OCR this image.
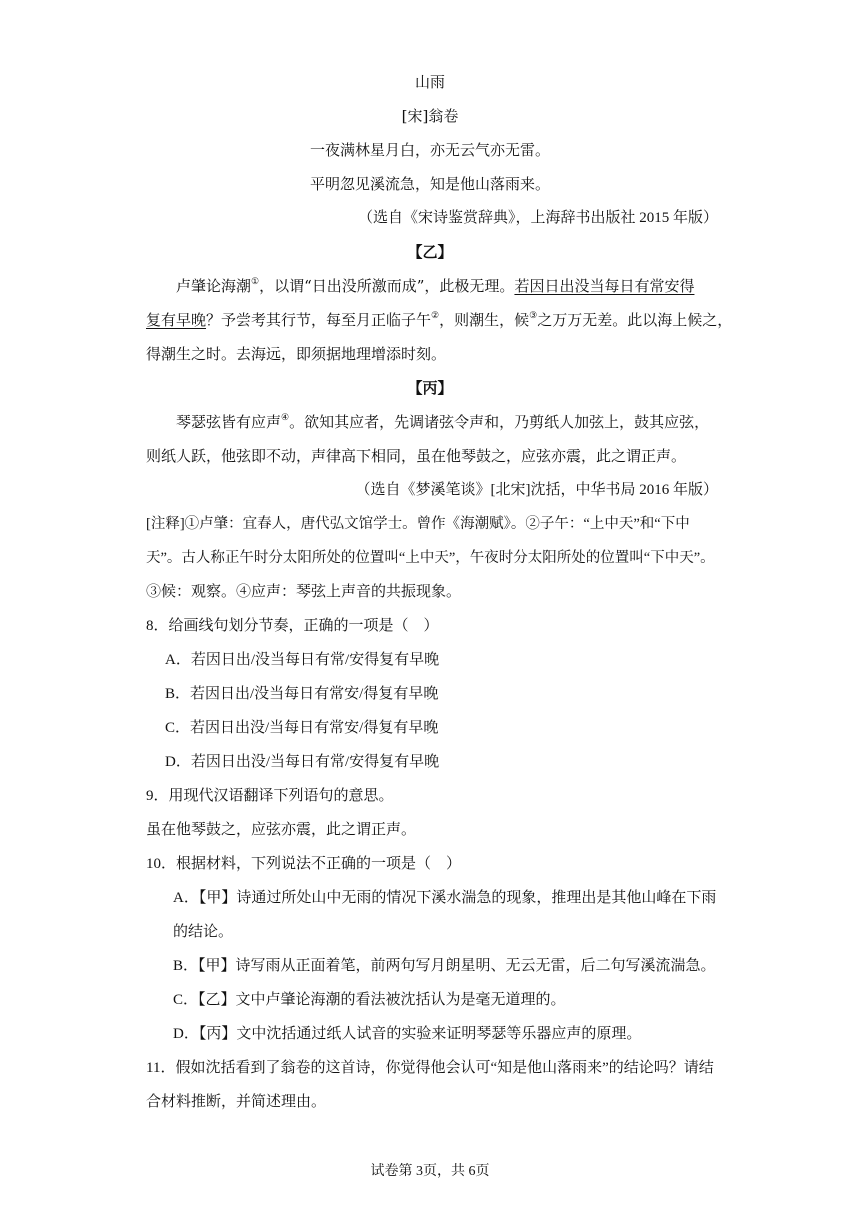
山雨
[宋]翁卷
一夜满林星月白，亦无云气亦无雷。
平明忽见溪流急，知是他山落雨来。
（选自《宋诗鉴赏辞典》，上海辞书出版社 2015 年版）
【乙】
卢肇论海潮①，以谓“日出没所激而成”，此极无理。若因日出没当每日有常安得
复有早晚？予尝考其行节，每至月正临子午②，则潮生，候③之万万无差。此以海上候之，
得潮生之时。去海远，即须据地理增添时刻。
【丙】
琴瑟弦皆有应声④。欲知其应者，先调诸弦令声和，乃剪纸人加弦上，鼓其应弦，
则纸人跃，他弦即不动，声律高下相同，虽在他琴鼓之，应弦亦震，此之谓正声。
（选自《梦溪笔谈》[北宋]沈括，中华书局 2016 年版）
[注释]①卢肇：宜春人，唐代弘文馆学士。曾作《海潮赋》。②子午：“上中天”和“下中
天”。古人称正午时分太阳所处的位置叫“上中天”，午夜时分太阳所处的位置叫“下中天”。
③候：观察。④应声：琴弦上声音的共振现象。
8．给画线句划分节奏，正确的一项是（　）
A．若因日出/没当每日有常/安得复有早晚
B．若因日出/没当每日有常安/得复有早晚
C．若因日出没/当每日有常安/得复有早晚
D．若因日出没/当每日有常/安得复有早晚
9．用现代汉语翻译下列语句的意思。
虽在他琴鼓之，应弦亦震，此之谓正声。
10．根据材料，下列说法不正确的一项是（　）
A．【甲】诗通过所处山中无雨的情况下溪水湍急的现象，推理出是其他山峰在下雨
的结论。
B．【甲】诗写雨从正面着笔，前两句写月朗星明、无云无雷，后二句写溪流湍急。
C．【乙】文中卢肇论海潮的看法被沈括认为是毫无道理的。
D．【丙】文中沈括通过纸人试音的实验来证明琴瑟等乐器应声的原理。
11．假如沈括看到了翁卷的这首诗，你觉得他会认可“知是他山落雨来”的结论吗？请结
合材料推断，并简述理由。
试卷第 3页，共 6页
